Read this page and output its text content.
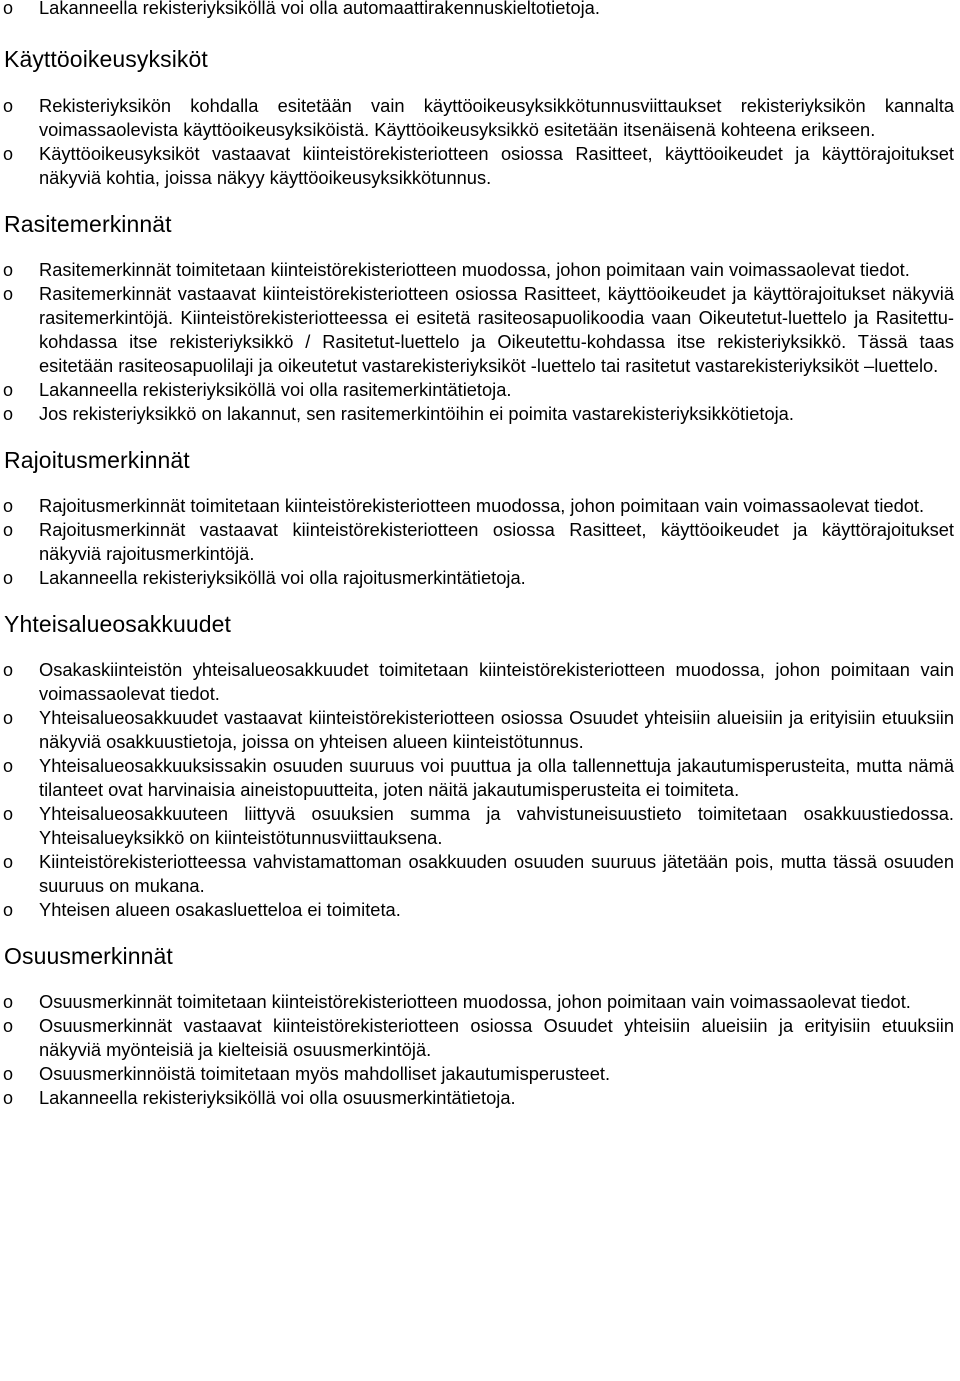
o Lakanneella rekisteriyksiköllä voi olla automaattirakennuskieltotietoja.
Käyttöoikeusyksiköt
o Rekisteriyksikön kohdalla esitetään vain käyttöoikeusyksikkötunnusviittaukset rekisteriyksikön kannalta voimassaolevista käyttöoikeusyksiköistä. Käyttöoikeusyksikkö esitetään itsenäisenä kohteena erikseen.
o Käyttöoikeusyksiköt vastaavat kiinteistörekisteriotteen osiossa Rasitteet, käyttöoikeudet ja käyttörajoitukset näkyviä kohtia, joissa näkyy käyttöoikeusyksikkötunnus.
Rasitemerkinnät
o Rasitemerkinnät toimitetaan kiinteistörekisteriotteen muodossa, johon poimitaan vain voimassaolevat tiedot.
o Rasitemerkinnät vastaavat kiinteistörekisteriotteen osiossa Rasitteet, käyttöoikeudet ja käyttörajoitukset näkyviä rasitemerkintöjä. Kiinteistörekisteriotteessa ei esitetä rasiteosapuolikoodia vaan Oikeutetut-luettelo ja Rasitettu-kohdassa itse rekisteriyksikkö / Rasitetut-luettelo ja Oikeutettu-kohdassa itse rekisteriyksikkö. Tässä taas esitetään rasiteosapuolilaji ja oikeutetut vastarekisteriyksiköt -luettelo tai rasitetut vastarekisteriyksiköt –luettelo.
o Lakanneella rekisteriyksiköllä voi olla rasitemerkintätietoja.
o Jos rekisteriyksikkö on lakannut, sen rasitemerkintöihin ei poimita vastarekisteriyksikkötietoja.
Rajoitusmerkinnät
o Rajoitusmerkinnät toimitetaan kiinteistörekisteriotteen muodossa, johon poimitaan vain voimassaolevat tiedot.
o Rajoitusmerkinnät vastaavat kiinteistörekisteriotteen osiossa Rasitteet, käyttöoikeudet ja käyttörajoitukset näkyviä rajoitusmerkintöjä.
o Lakanneella rekisteriyksiköllä voi olla rajoitusmerkintätietoja.
Yhteisalueosakkuudet
o Osakaskiinteistön yhteisalueosakkuudet toimitetaan kiinteistörekisteriotteen muodossa, johon poimitaan vain voimassaolevat tiedot.
o Yhteisalueosakkuudet vastaavat kiinteistörekisteriotteen osiossa Osuudet yhteisiin alueisiin ja erityisiin etuuksiin näkyviä osakkuustietoja, joissa on yhteisen alueen kiinteistötunnus.
o Yhteisalueosakkuuksissakin osuuden suuruus voi puuttua ja olla tallennettuja jakautumisperusteita, mutta nämä tilanteet ovat harvinaisia aineistopuutteita, joten näitä jakautumisperusteita ei toimiteta.
o Yhteisalueosakkuuteen liittyvä osuuksien summa ja vahvistuneisuustieto toimitetaan osakkuustiedossa. Yhteisalueyksikkö on kiinteistötunnusviittauksena.
o Kiinteistörekisteriotteessa vahvistamattoman osakkuuden osuuden suuruus jätetään pois, mutta tässä osuuden suuruus on mukana.
o Yhteisen alueen osakasluetteloa ei toimiteta.
Osuusmerkinnät
o Osuusmerkinnät toimitetaan kiinteistörekisteriotteen muodossa, johon poimitaan vain voimassaolevat tiedot.
o Osuusmerkinnät vastaavat kiinteistörekisteriotteen osiossa Osuudet yhteisiin alueisiin ja erityisiin etuuksiin näkyviä myönteisiä ja kielteisiä osuusmerkintöjä.
o Osuusmerkinnöistä toimitetaan myös mahdolliset jakautumisperusteet.
o Lakanneella rekisteriyksiköllä voi olla osuusmerkintätietoja.
